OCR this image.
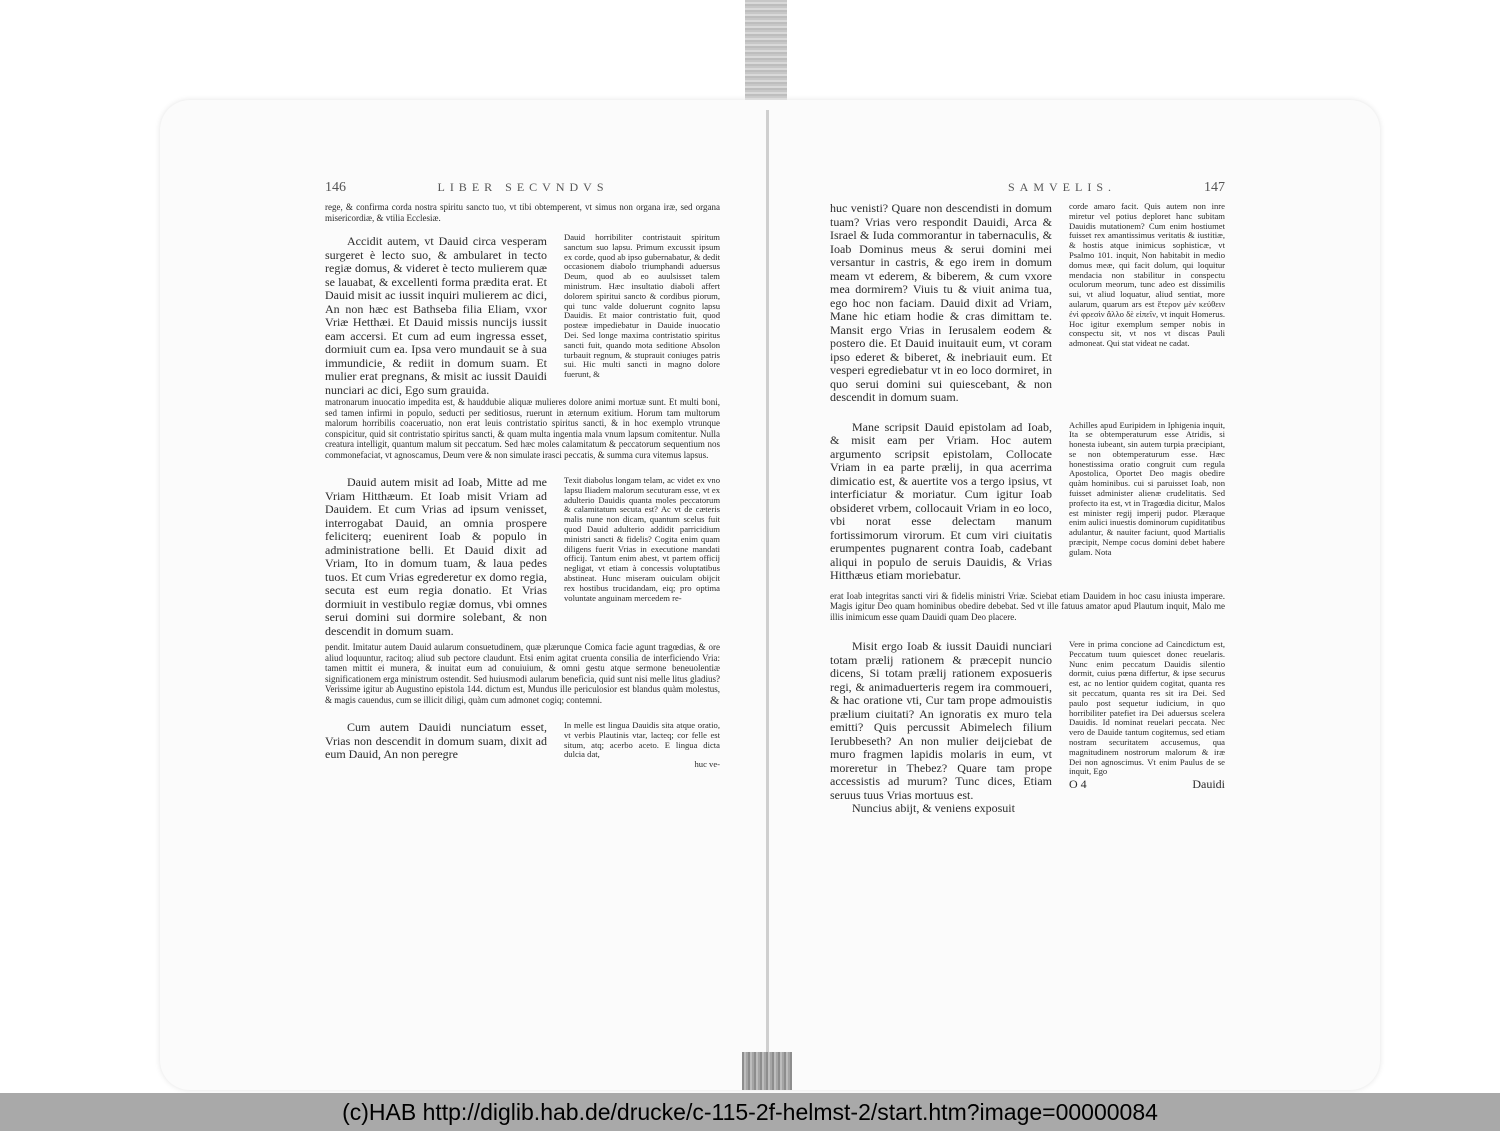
146	LIBER SECVNDVS

rege, & confirma corda nostra spiritu sancto tuo, vt tibi obtemperent, vt simus non organa iræ, sed organa misericordiæ, & vtilia Ecclesiæ.

Accidit autem, vt Dauid circa vesperam surgeret è lecto suo, & ambularet in tecto regiæ domus, & videret è tecto mulierem quæ se lauabat, & excellenti forma prædita erat. Et Dauid misit ac iussit inquiri mulierem ac dici, An non hæc est Bathseba filia Eliam, vxor Vriæ Hetthæi. Et Dauid missis nuncijs iussit eam accersi. Et cum ad eum ingressa esset, dormiuit cum ea. Ipsa vero mundauit se à sua immundicie, & rediit in domum suam. Et mulier erat pregnans, & misit ac iussit Dauidi nunciari ac dici, Ego sum grauida.

Dauid horribiliter contristauit spiritum sanctum suo lapsu. Primum excussit ipsum ex corde, quod ab ipso gubernabatur, & dedit occasionem diabolo triumphandi aduersus Deum, quod ab eo auulsisset talem ministrum. Hæc insultatio diaboli affert dolorem spiritui sancto & cordibus piorum, qui tunc valde doluerunt cognito lapsu Dauidis. Et maior contristatio fuit, quod posteæ impediebatur in Dauide inuocatio Dei. Sed longe maxima contristatio spiritus sancti fuit, quando mota seditione Absolon turbauit regnum, & stuprauit coniuges patris sui. Hic multi sancti in magno dolore fuerunt, &

matronarum inuocatio impedita est, & hauddubie aliquæ mulieres dolore animi mortuæ sunt. Et multi boni, sed tamen infirmi in populo, seducti per seditiosus, ruerunt in æternum exitium. Horum tam multorum malorum horribilis coaceruatio, non erat leuis contristatio spiritus sancti, & in hoc exemplo vtrunque conspicitur, quid sit contristatio spiritus sancti, & quam multa ingentia mala vnum lapsum comitentur. Nulla creatura intelligit, quantum malum sit peccatum. Sed hæc moles calamitatum & peccatorum sequentium nos commonefaciat, vt agnoscamus, Deum vere & non simulate irasci peccatis, & summa cura vitemus lapsus.

Dauid autem misit ad Ioab, Mitte ad me Vriam Hitthæum. Et Ioab misit Vriam ad Dauidem. Et cum Vrias ad ipsum venisset, interrogabat Dauid, an omnia prospere feliciterq; euenirent Ioab & populo in administratione belli. Et Dauid dixit ad Vriam, Ito in domum tuam, & laua pedes tuos. Et cum Vrias egrederetur ex domo regia, secuta est eum regia donatio. Et Vrias dormiuit in vestibulo regiæ domus, vbi omnes serui domini sui dormire solebant, & non descendit in domum suam.

Texit diabolus longam telam, ac videt ex vno lapsu Iliadem malorum secuturam esse, vt ex adulterio Dauidis quanta moles peccatorum & calamitatum secuta est? Ac vt de cæteris malis nune non dicam, quantum scelus fuit quod Dauid adulterio addidit parricidium ministri sancti & fidelis? Cogita enim quam diligens fuerit Vrias in executione mandati officij. Tantum enim abest, vt partem officij negligat, vt etiam à concessis voluptatibus abstineat. Hunc miseram ouiculam obijcit rex hostibus trucidandam, eiq; pro optima voluntate anguinam mercedem re-

pendit. Imitatur autem Dauid aularum consuetudinem, quæ plærunque Comica facie agunt tragœdias, & ore aliud loquuntur, racitoq; aliud sub pectore claudunt. Etsi enim agitat cruenta consilia de interficiendo Vria: tamen mittit ei munera, & inuitat eum ad conuiuium, & omni gestu atque sermone beneuolentiæ significationem erga ministrum ostendit. Sed huiusmodi aularum beneficia, quid sunt nisi melle litus gladius? Verissime igitur ab Augustino epistola 144. dictum est, Mundus ille periculosior est blandus quàm molestus, & magis cauendus, cum se illicit diligi, quàm cum admonet cogiq; contemni.

Cum autem Dauidi nunciatum esset, Vrias non descendit in domum suam, dixit ad eum Dauid, An non peregre

In melle est lingua Dauidis sita atque oratio, vt verbis Plautinis vtar, lacteq; cor felle est situm, atq; acerbo aceto. E lingua dicta dulcia dat,

huc ve-

SAMVELIS.	147

huc venisti? Quare non descendisti in domum tuam? Vrias vero respondit Dauidi, Arca & Israel & Iuda commorantur in tabernaculis, & Ioab Dominus meus & serui domini mei versantur in castris, & ego irem in domum meam vt ederem, & biberem, & cum vxore mea dormirem? Viuis tu & viuit anima tua, ego hoc non faciam. Dauid dixit ad Vriam, Mane hic etiam hodie & cras dimittam te. Mansit ergo Vrias in Ierusalem eodem & postero die. Et Dauid inuitauit eum, vt coram ipso ederet & biberet, & inebriauit eum. Et vesperi egrediebatur vt in eo loco dormiret, in quo serui domini sui quiescebant, & non descendit in domum suam.

corde amaro facit. Quis autem non inre miretur vel potius deploret hanc subitam Dauidis mutationem? Cum enim hostiumet fuisset rex amantissimus veritatis & iustitiæ, & hostis atque inimicus sophisticæ, vt Psalmo 101. inquit, Non habitabit in medio domus meæ, qui facit dolum, qui loquitur mendacia non stabilitur in conspectu oculorum meorum, tunc adeo est dissimilis sui, vt aliud loquatur, aliud sentiat, more aularum, quarum ars est ἕτερον μὲν κεύθειν ἐνὶ φρεσὶν ἄλλο δὲ εἰπεῖν, vt inquit Homerus. Hoc igitur exemplum semper nobis in conspectu sit, vt nos vt discas Pauli admoneat. Qui stat videat ne cadat.

Mane scripsit Dauid epistolam ad Ioab, & misit eam per Vriam. Hoc autem argumento scripsit epistolam, Collocate Vriam in ea parte prælij, in qua acerrima dimicatio est, & auertite vos a tergo ipsius, vt interficiatur & moriatur. Cum igitur Ioab obsideret vrbem, collocauit Vriam in eo loco, vbi norat esse delectam manum fortissimorum virorum. Et cum viri ciuitatis erumpentes pugnarent contra Ioab, cadebant aliqui in populo de seruis Dauidis, & Vrias Hitthæus etiam moriebatur.

Achilles apud Euripidem in Iphigenia inquit, Ita se obtemperaturum esse Atridis, si honesta iubeant, sin autem turpia præcipiant, se non obtemperaturum esse. Hæc honestissima oratio congruit cum regula Apostolica, Oportet Deo magis obedire quàm hominibus. cui si paruisset Ioab, non fuisset administer alienæ crudelitatis. Sed profecto ita est, vt in Tragœdia dicitur, Malos est minister regij imperij pudor. Plæraque enim aulici inuestis dominorum cupiditatibus adulantur, & nauiter faciunt, quod Martialis præcipit, Nempe cocus domini debet habere gulam. Nota

erat Ioab integritas sancti viri & fidelis ministri Vriæ. Sciebat etiam Dauidem in hoc casu iniusta imperare. Magis igitur Deo quam hominibus obedire debebat. Sed vt ille fatuus amator apud Plautum inquit, Malo me illis inimicum esse quam Dauidi quam Deo placere.

Misit ergo Ioab & iussit Dauidi nunciari totam prælij rationem & præcepit nuncio dicens, Si totam prælij rationem exposueris regi, & animaduerteris regem ira commoueri, & hac oratione vti, Cur tam prope admouistis prælium ciuitati? An ignoratis ex muro tela emitti? Quis percussit Abimelech filium Ierubbeseth? An non mulier deijciebat de muro fragmen lapidis molaris in eum, vt moreretur in Thebez? Quare tam prope accessistis ad murum? Tunc dices, Etiam seruus tuus Vrias mortuus est.

Nuncius abijt, & veniens exposuit

Vere in prima concione ad Caincdictum est, Peccatum tuum quiescet donec reuelaris. Nunc enim peccatum Dauidis silentio dormit, cuius pœna differtur, & ipse securus est, ac no lentior quidem cogitat, quanta res sit peccatum, quanta res sit ira Dei. Sed paulo post sequetur iudicium, in quo horribiliter patefiet ira Dei aduersus scelera Dauidis. Id nominat reuelari peccata. Nec vero de Dauide tantum cogitemus, sed etiam nostram securitatem accusemus, qua magnitudinem nostrorum malorum & iræ Dei non agnoscimus. Vt enim Paulus de se inquit, Ego

O 4	Dauidi
(c)HAB http://diglib.hab.de/drucke/c-115-2f-helmst-2/start.htm?image=00000084
